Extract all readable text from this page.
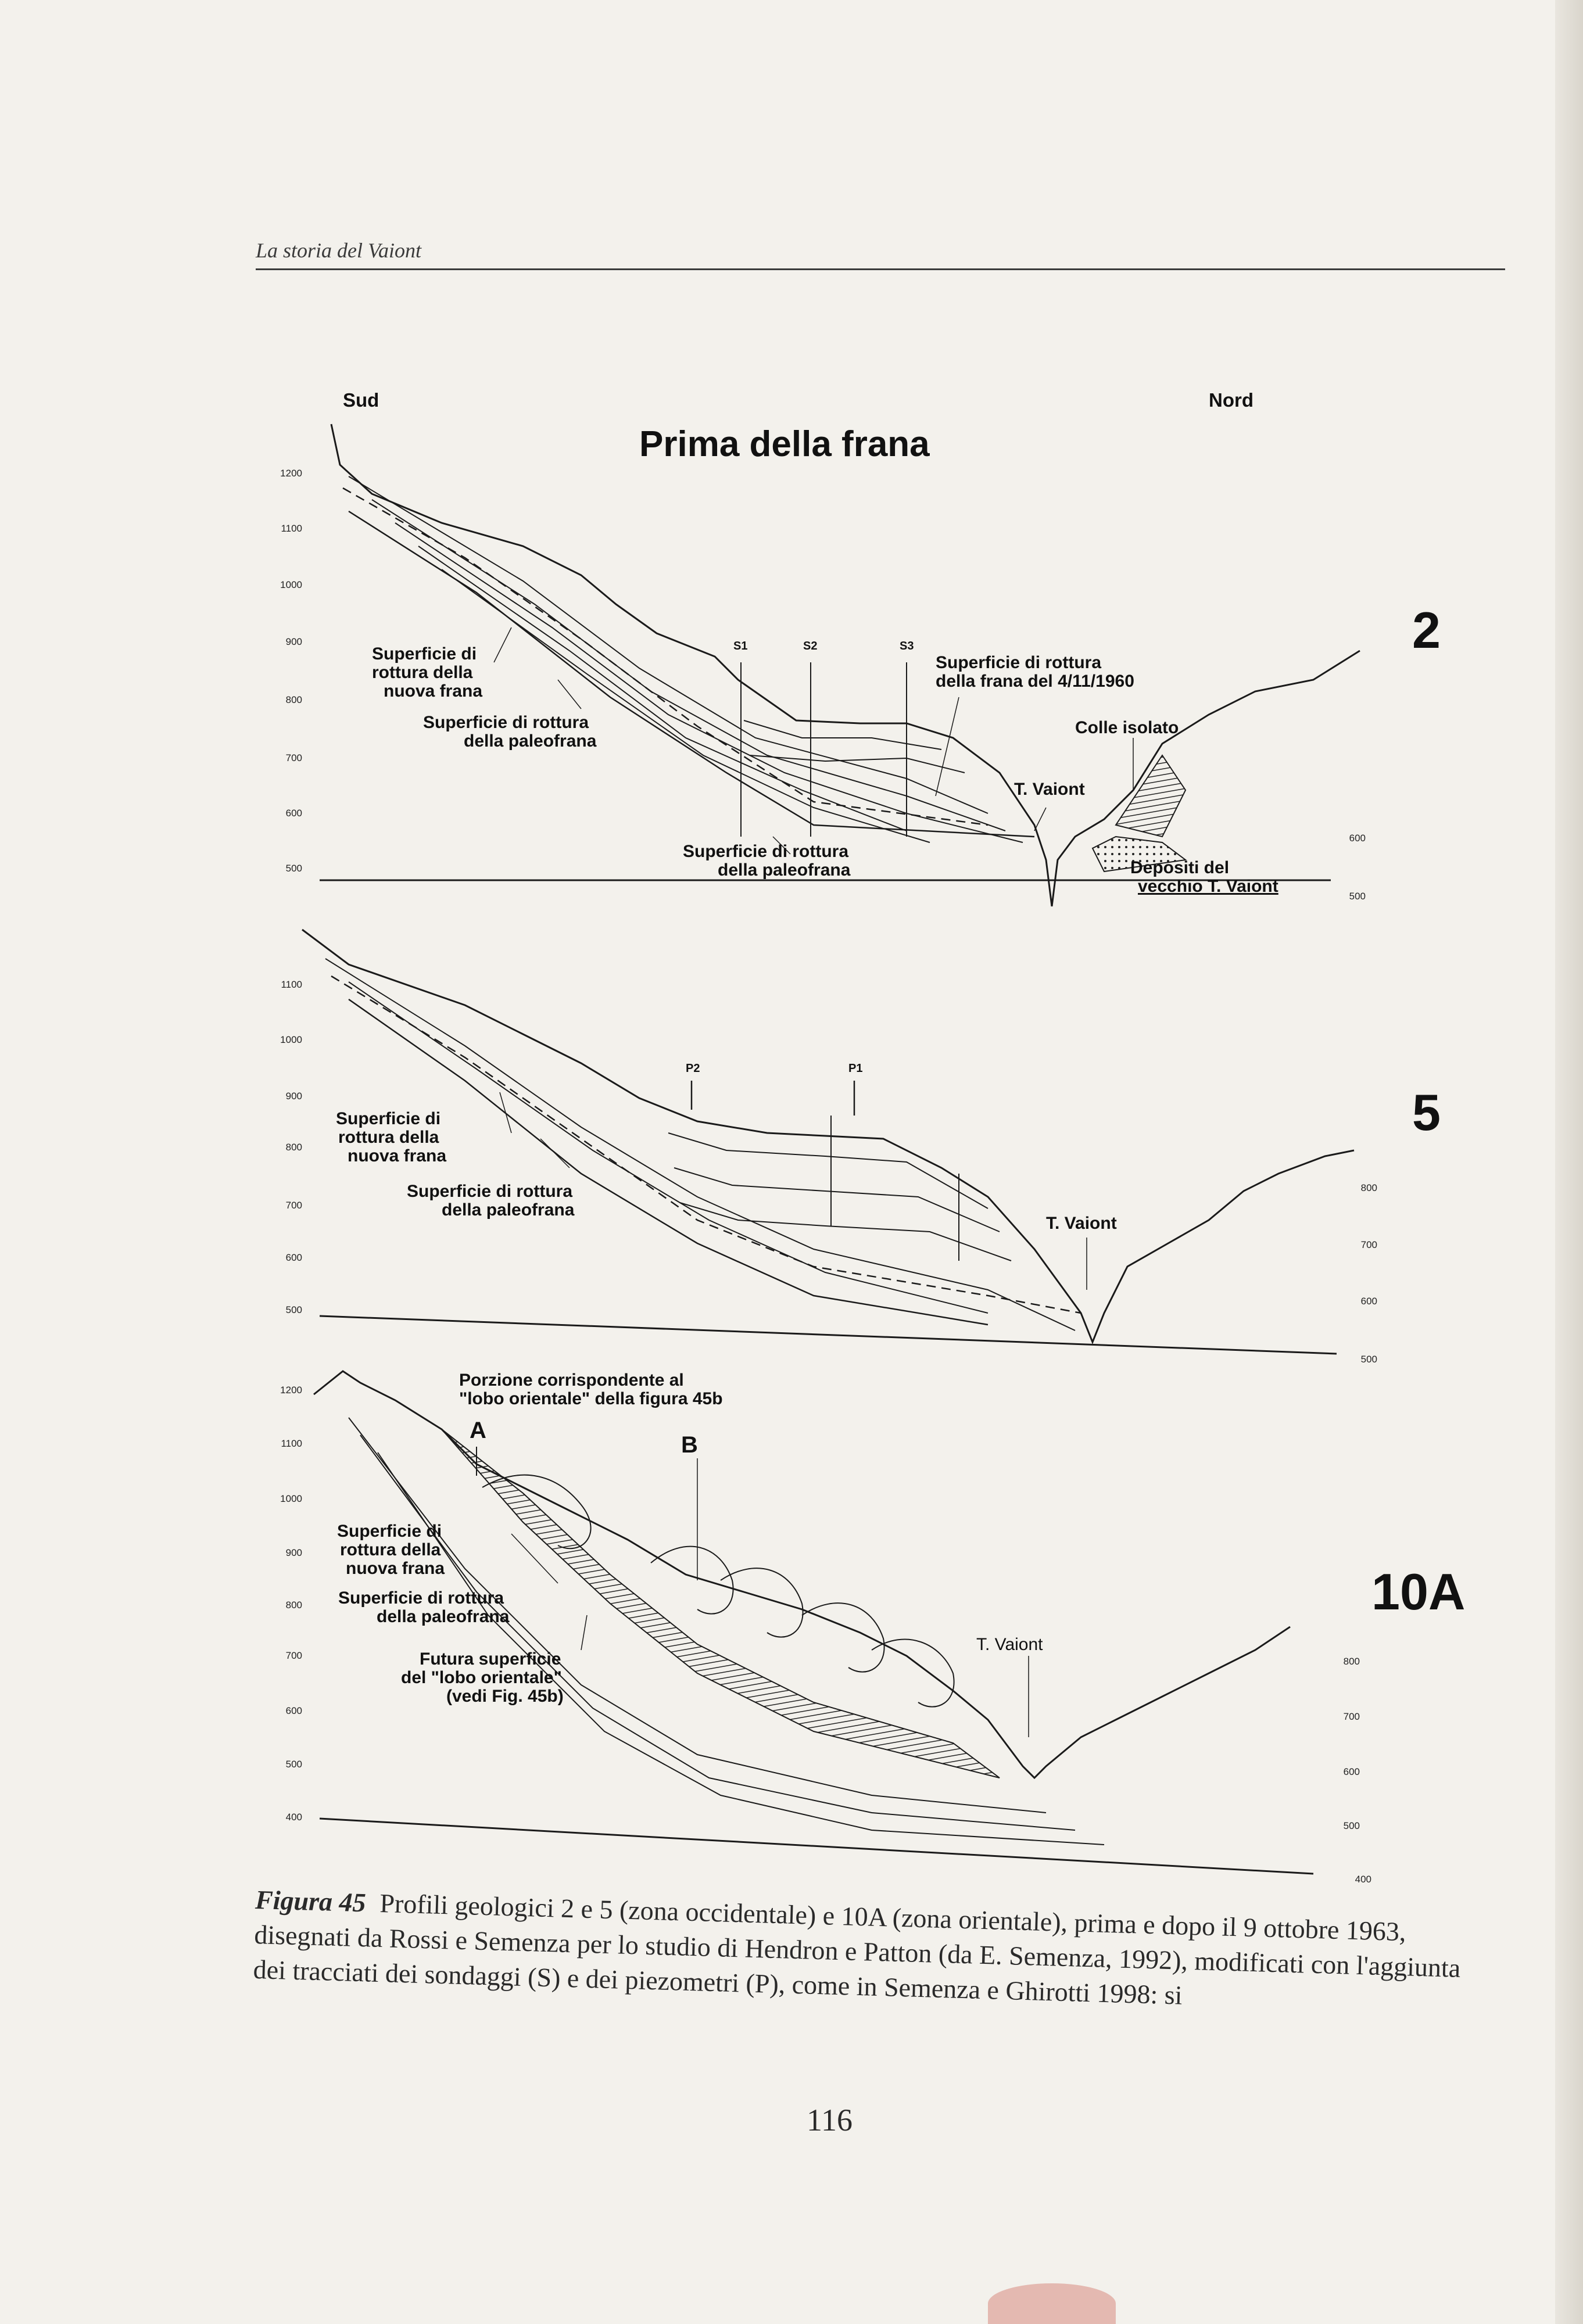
La storia del Vaiont
1200
1100
1000
900
800
700
600
500
600
500
Sud	Nord
Prima della frana
2
S1	S2	S3
Superficie di
rottura della
nuova frana
Superficie di rottura
della paleofrana
Superficie di rottura
della frana del 4/11/1960
Colle isolato
T. Vaiont
Superficie di rottura
della paleofrana	Depositi del
vecchio T. Vaiont
1100
1000
900
800
700
600
500
800
700
600
500
5
P2	P1
Superficie di
rottura della
nuova frana
Superficie di rottura
della paleofrana
T. Vaiont
1200
1100
1000
900
800
700
600
500
400
800
700
600
500
400
10A
Porzione corrispondente al
"lobo orientale" della figura 45b
Superficie di
rottura della
nuova frana
Superficie di rottura
della paleofrana
Futura superficie
del "lobo orientale"
(vedi Fig. 45b)
T. Vaiont
A
B
Figura 45 Profili geologici 2 e 5 (zona occidentale) e 10A (zona orientale), prima e dopo il 9 ottobre 1963, disegnati da Rossi e Semenza per lo studio di Hendron e Patton (da E. Semenza, 1992), modificati con l'aggiunta dei tracciati dei sondaggi (S) e dei piezometri (P), come in Semenza e Ghirotti 1998: si
116
